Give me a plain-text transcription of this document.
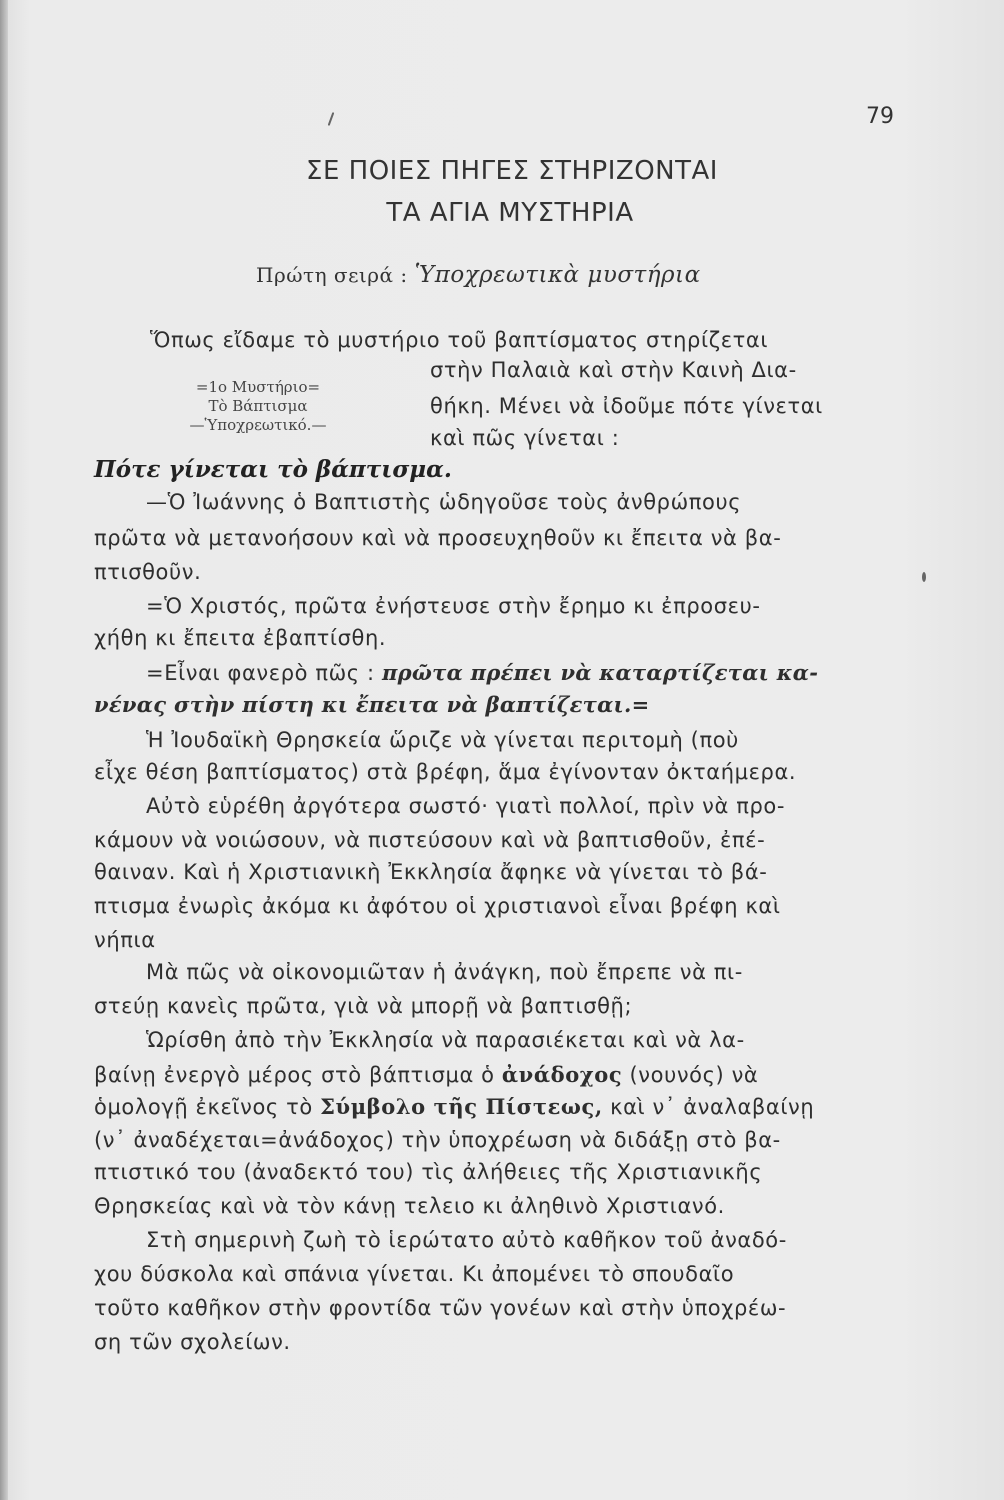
79
ΣΕ ΠΟΙΕΣ ΠΗΓΕΣ ΣΤΗΡΙΖΟΝΤΑΙ
ΤΑ ΑΓΙΑ ΜΥΣΤΗΡΙΑ
Πρώτη σειρά : Ὑποχρεωτικὰ μυστήρια
Ὅπως εἴδαμε τὸ μυστήριο τοῦ βαπτίσματος στηρίζεται
στὴν Παλαιὰ καὶ στὴν Καινὴ Δια-
θήκη. Μένει νὰ ἰδοῦμε πότε γίνεται
καὶ πῶς γίνεται :
=1ο Μυστήριο=
Τὸ Βάπτισμα
—Ὑποχρεωτικό.—
Πότε γίνεται τὸ βάπτισμα.
—Ὁ Ἰωάννης ὁ Βαπτιστὴς ὡδηγοῦσε τοὺς ἀνθρώπους
πρῶτα νὰ μετανοήσουν καὶ νὰ προσευχηθοῦν κι ἔπειτα νὰ βα-
πτισθοῦν.
=Ὁ Χριστός, πρῶτα ἐνήστευσε στὴν ἔρημο κι ἐπροσευ-
χήθη κι ἔπειτα ἐβαπτίσθη.
=Εἶναι φανερὸ πῶς : πρῶτα πρέπει νὰ καταρτίζεται κα-
νένας στὴν πίστη κι ἔπειτα νὰ βαπτίζεται.=
Ἡ Ἰουδαϊκὴ Θρησκεία ὥριζε νὰ γίνεται περιτομὴ (ποὺ
εἶχε θέση βαπτίσματος) στὰ βρέφη, ἅμα ἐγίνονταν ὀκταήμερα.
Αὐτὸ εὑρέθη ἀργότερα σωστό· γιατὶ πολλοί, πρὶν νὰ προ-
κάμουν νὰ νοιώσουν, νὰ πιστεύσουν καὶ νὰ βαπτισθοῦν, ἐπέ-
θαιναν. Καὶ ἡ Χριστιανικὴ Ἐκκλησία ἄφηκε νὰ γίνεται τὸ βά-
πτισμα ἐνωρὶς ἀκόμα κι ἀφότου οἱ χριστιανοὶ εἶναι βρέφη καὶ
νήπια
Μὰ πῶς νὰ οἰκονομιῶταν ἡ ἀνάγκη, ποὺ ἔπρεπε νὰ πι-
στεύῃ κανεὶς πρῶτα, γιὰ νὰ μπορῇ νὰ βαπτισθῇ;
Ὡρίσθη ἀπὸ τὴν Ἐκκλησία νὰ παρασιέκεται καὶ νὰ λα-
βαίνῃ ἐνεργὸ μέρος στὸ βάπτισμα ὁ ἀνάδοχος (νουνός) νὰ
ὁμολογῇ ἐκεῖνος τὸ Σύμβολο τῆς Πίστεως, καὶ ν᾽ ἀναλαβαίνῃ
(ν᾽ ἀναδέχεται=ἀνάδοχος) τὴν ὑποχρέωση νὰ διδάξῃ στὸ βα-
πτιστικό του (ἀναδεκτό του) τὶς ἀλήθειες τῆς Χριστιανικῆς
Θρησκείας καὶ νὰ τὸν κάνῃ τελειο κι ἀληθινὸ Χριστιανό.
Στὴ σημερινὴ ζωὴ τὸ ἱερώτατο αὐτὸ καθῆκον τοῦ ἀναδό-
χου δύσκολα καὶ σπάνια γίνεται. Κι ἀπομένει τὸ σπουδαῖο
τοῦτο καθῆκον στὴν φροντίδα τῶν γονέων καὶ στὴν ὑποχρέω-
ση τῶν σχολείων.
